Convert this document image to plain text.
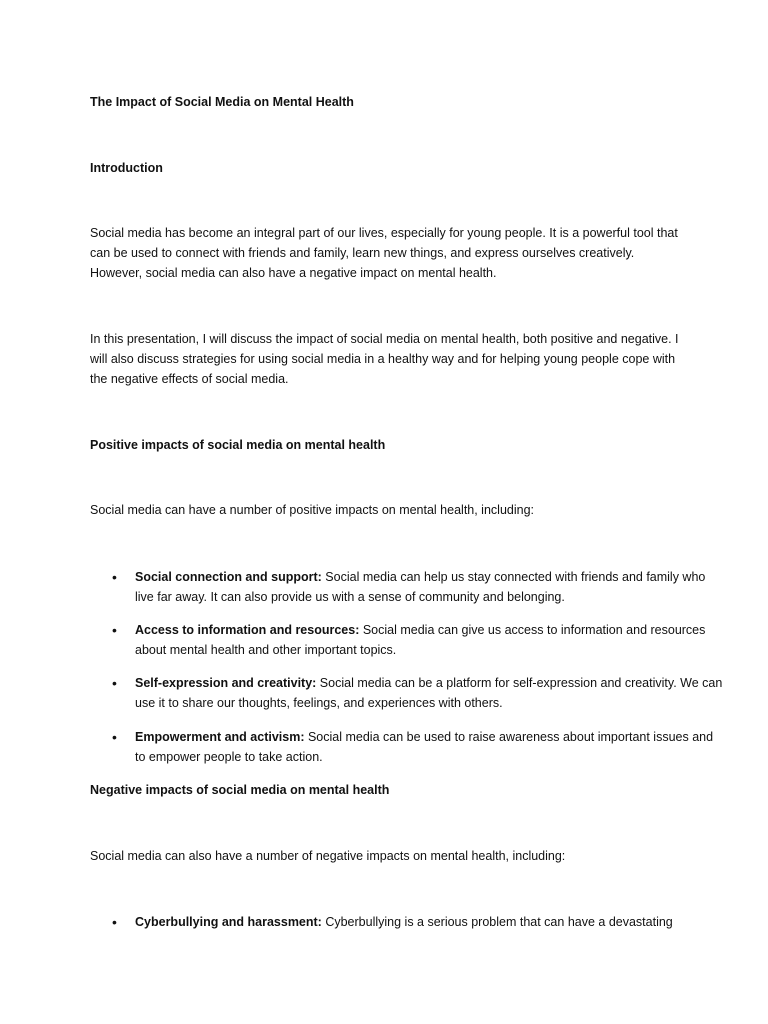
The Impact of Social Media on Mental Health

Introduction

Social media has become an integral part of our lives, especially for young people. It is a powerful tool that can be used to connect with friends and family, learn new things, and express ourselves creatively. However, social media can also have a negative impact on mental health.

In this presentation, I will discuss the impact of social media on mental health, both positive and negative. I will also discuss strategies for using social media in a healthy way and for helping young people cope with the negative effects of social media.

Positive impacts of social media on mental health

Social media can have a number of positive impacts on mental health, including:

• Social connection and support: Social media can help us stay connected with friends and family who live far away. It can also provide us with a sense of community and belonging.
• Access to information and resources: Social media can give us access to information and resources about mental health and other important topics.
• Self-expression and creativity: Social media can be a platform for self-expression and creativity. We can use it to share our thoughts, feelings, and experiences with others.
• Empowerment and activism: Social media can be used to raise awareness about important issues and to empower people to take action.

Negative impacts of social media on mental health

Social media can also have a number of negative impacts on mental health, including:

• Cyberbullying and harassment: Cyberbullying is a serious problem that can have a devastating
